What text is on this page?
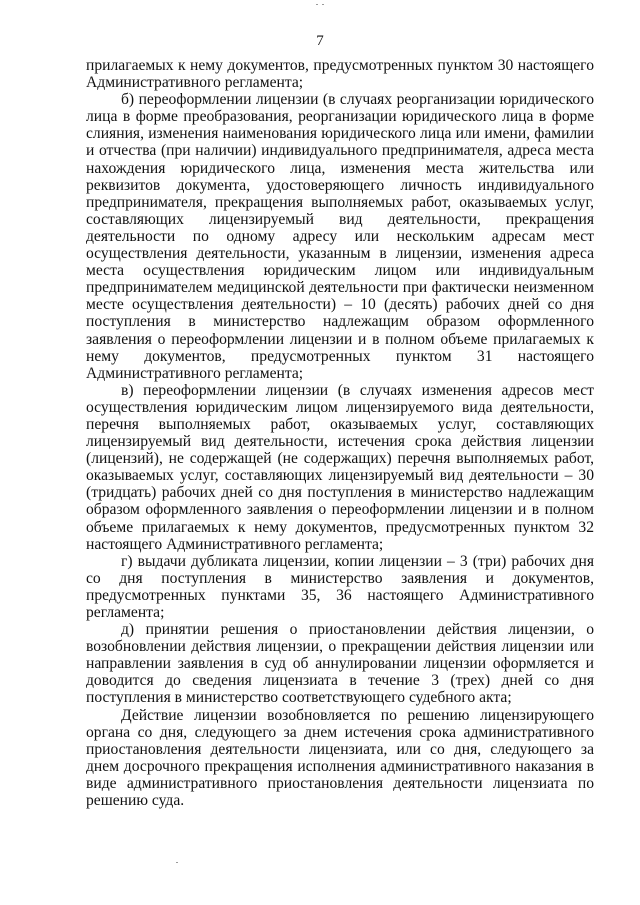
7

прилагаемых к нему документов, предусмотренных пунктом 30 настоящего Административного регламента;

б) переоформлении лицензии (в случаях реорганизации юридического лица в форме преобразования, реорганизации юридического лица в форме слияния, изменения наименования юридического лица или имени, фамилии и отчества (при наличии) индивидуального предпринимателя, адреса места нахождения юридического лица, изменения места жительства или реквизитов документа, удостоверяющего личность индивидуального предпринимателя, прекращения выполняемых работ, оказываемых услуг, составляющих лицензируемый вид деятельности, прекращения деятельности по одному адресу или нескольким адресам мест осуществления деятельности, указанным в лицензии, изменения адреса места осуществления юридическим лицом или индивидуальным предпринимателем медицинской деятельности при фактически неизменном месте осуществления деятельности) – 10 (десять) рабочих дней со дня поступления в министерство надлежащим образом оформленного заявления о переоформлении лицензии и в полном объеме прилагаемых к нему документов, предусмотренных пунктом 31 настоящего Административного регламента;

в) переоформлении лицензии (в случаях изменения адресов мест осуществления юридическим лицом лицензируемого вида деятельности, перечня выполняемых работ, оказываемых услуг, составляющих лицензируемый вид деятельности, истечения срока действия лицензии (лицензий), не содержащей (не содержащих) перечня выполняемых работ, оказываемых услуг, составляющих лицензируемый вид деятельности – 30 (тридцать) рабочих дней со дня поступления в министерство надлежащим образом оформленного заявления о переоформлении лицензии и в полном объеме прилагаемых к нему документов, предусмотренных пунктом 32 настоящего Административного регламента;

г) выдачи дубликата лицензии, копии лицензии – 3 (три) рабочих дня со дня поступления в министерство заявления и документов, предусмотренных пунктами 35, 36 настоящего Административного регламента;

д) принятии решения о приостановлении действия лицензии, о возобновлении действия лицензии, о прекращении действия лицензии или направлении заявления в суд об аннулировании лицензии оформляется и доводится до сведения лицензиата в течение 3 (трех) дней со дня поступления в министерство соответствующего судебного акта;

Действие лицензии возобновляется по решению лицензирующего органа со дня, следующего за днем истечения срока административного приостановления деятельности лицензиата, или со дня, следующего за днем досрочного прекращения исполнения административного наказания в виде административного приостановления деятельности лицензиата по решению суда.
